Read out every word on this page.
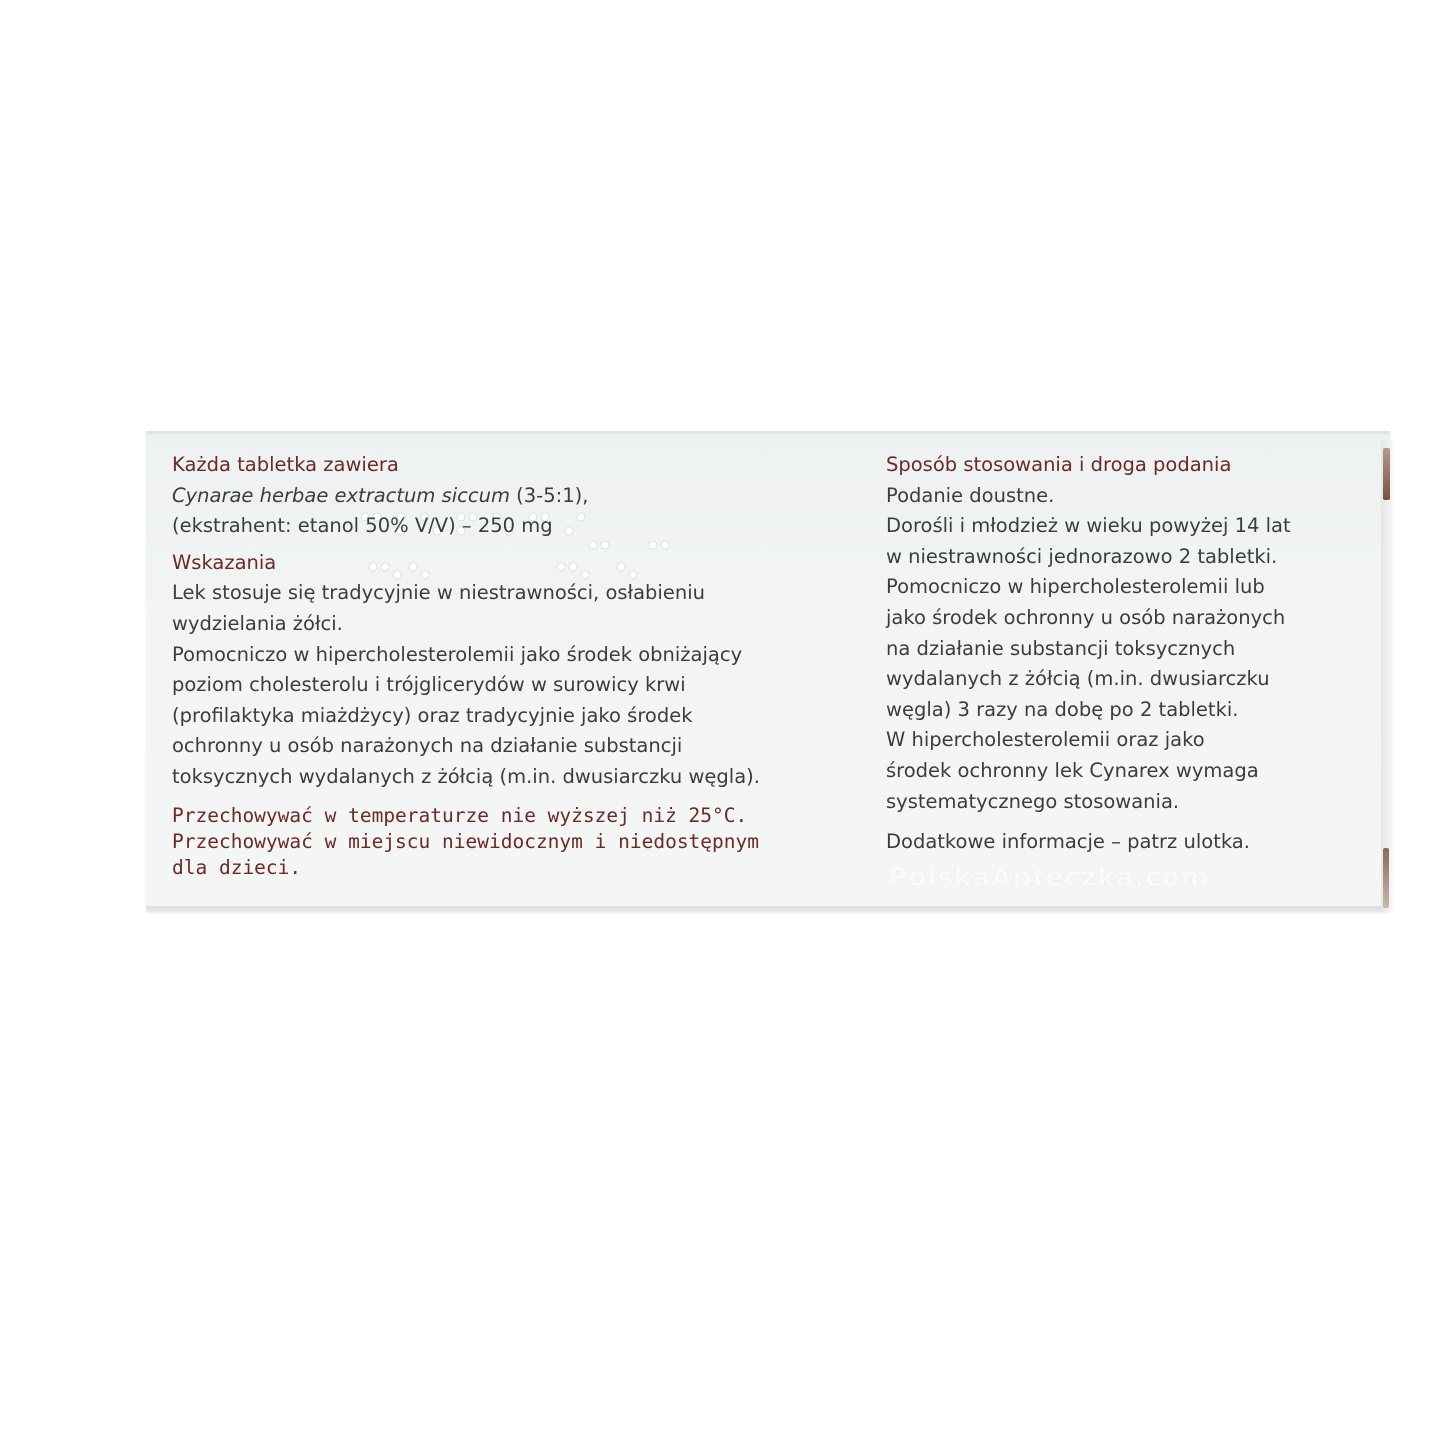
Każda tabletka zawiera

Cynarae herbae extractum siccum (3-5:1),

(ekstrahent: etanol 50% V/V) – 250 mg

Wskazania

Lek stosuje się tradycyjnie w niestrawności, osłabieniu

wydzielania żółci.

Pomocniczo w hipercholesterolemii jako środek obniżający

poziom cholesterolu i trójglicerydów w surowicy krwi

(profilaktyka miażdżycy) oraz tradycyjnie jako środek

ochronny u osób narażonych na działanie substancji

toksycznych wydalanych z żółcią (m.in. dwusiarczku węgla).

Przechowywać w temperaturze nie wyższej niż 25°C.

Przechowywać w miejscu niewidocznym i niedostępnym

dla dzieci.

Sposób stosowania i droga podania

Podanie doustne.

Dorośli i młodzież w wieku powyżej 14 lat

w niestrawności jednorazowo 2 tabletki.

Pomocniczo w hipercholesterolemii lub

jako środek ochronny u osób narażonych

na działanie substancji toksycznych

wydalanych z żółcią (m.in. dwusiarczku

węgla) 3 razy na dobę po 2 tabletki.

W hipercholesterolemii oraz jako

środek ochronny lek Cynarex wymaga

systematycznego stosowania.

Dodatkowe informacje – patrz ulotka.

PolskaApteczka.com
